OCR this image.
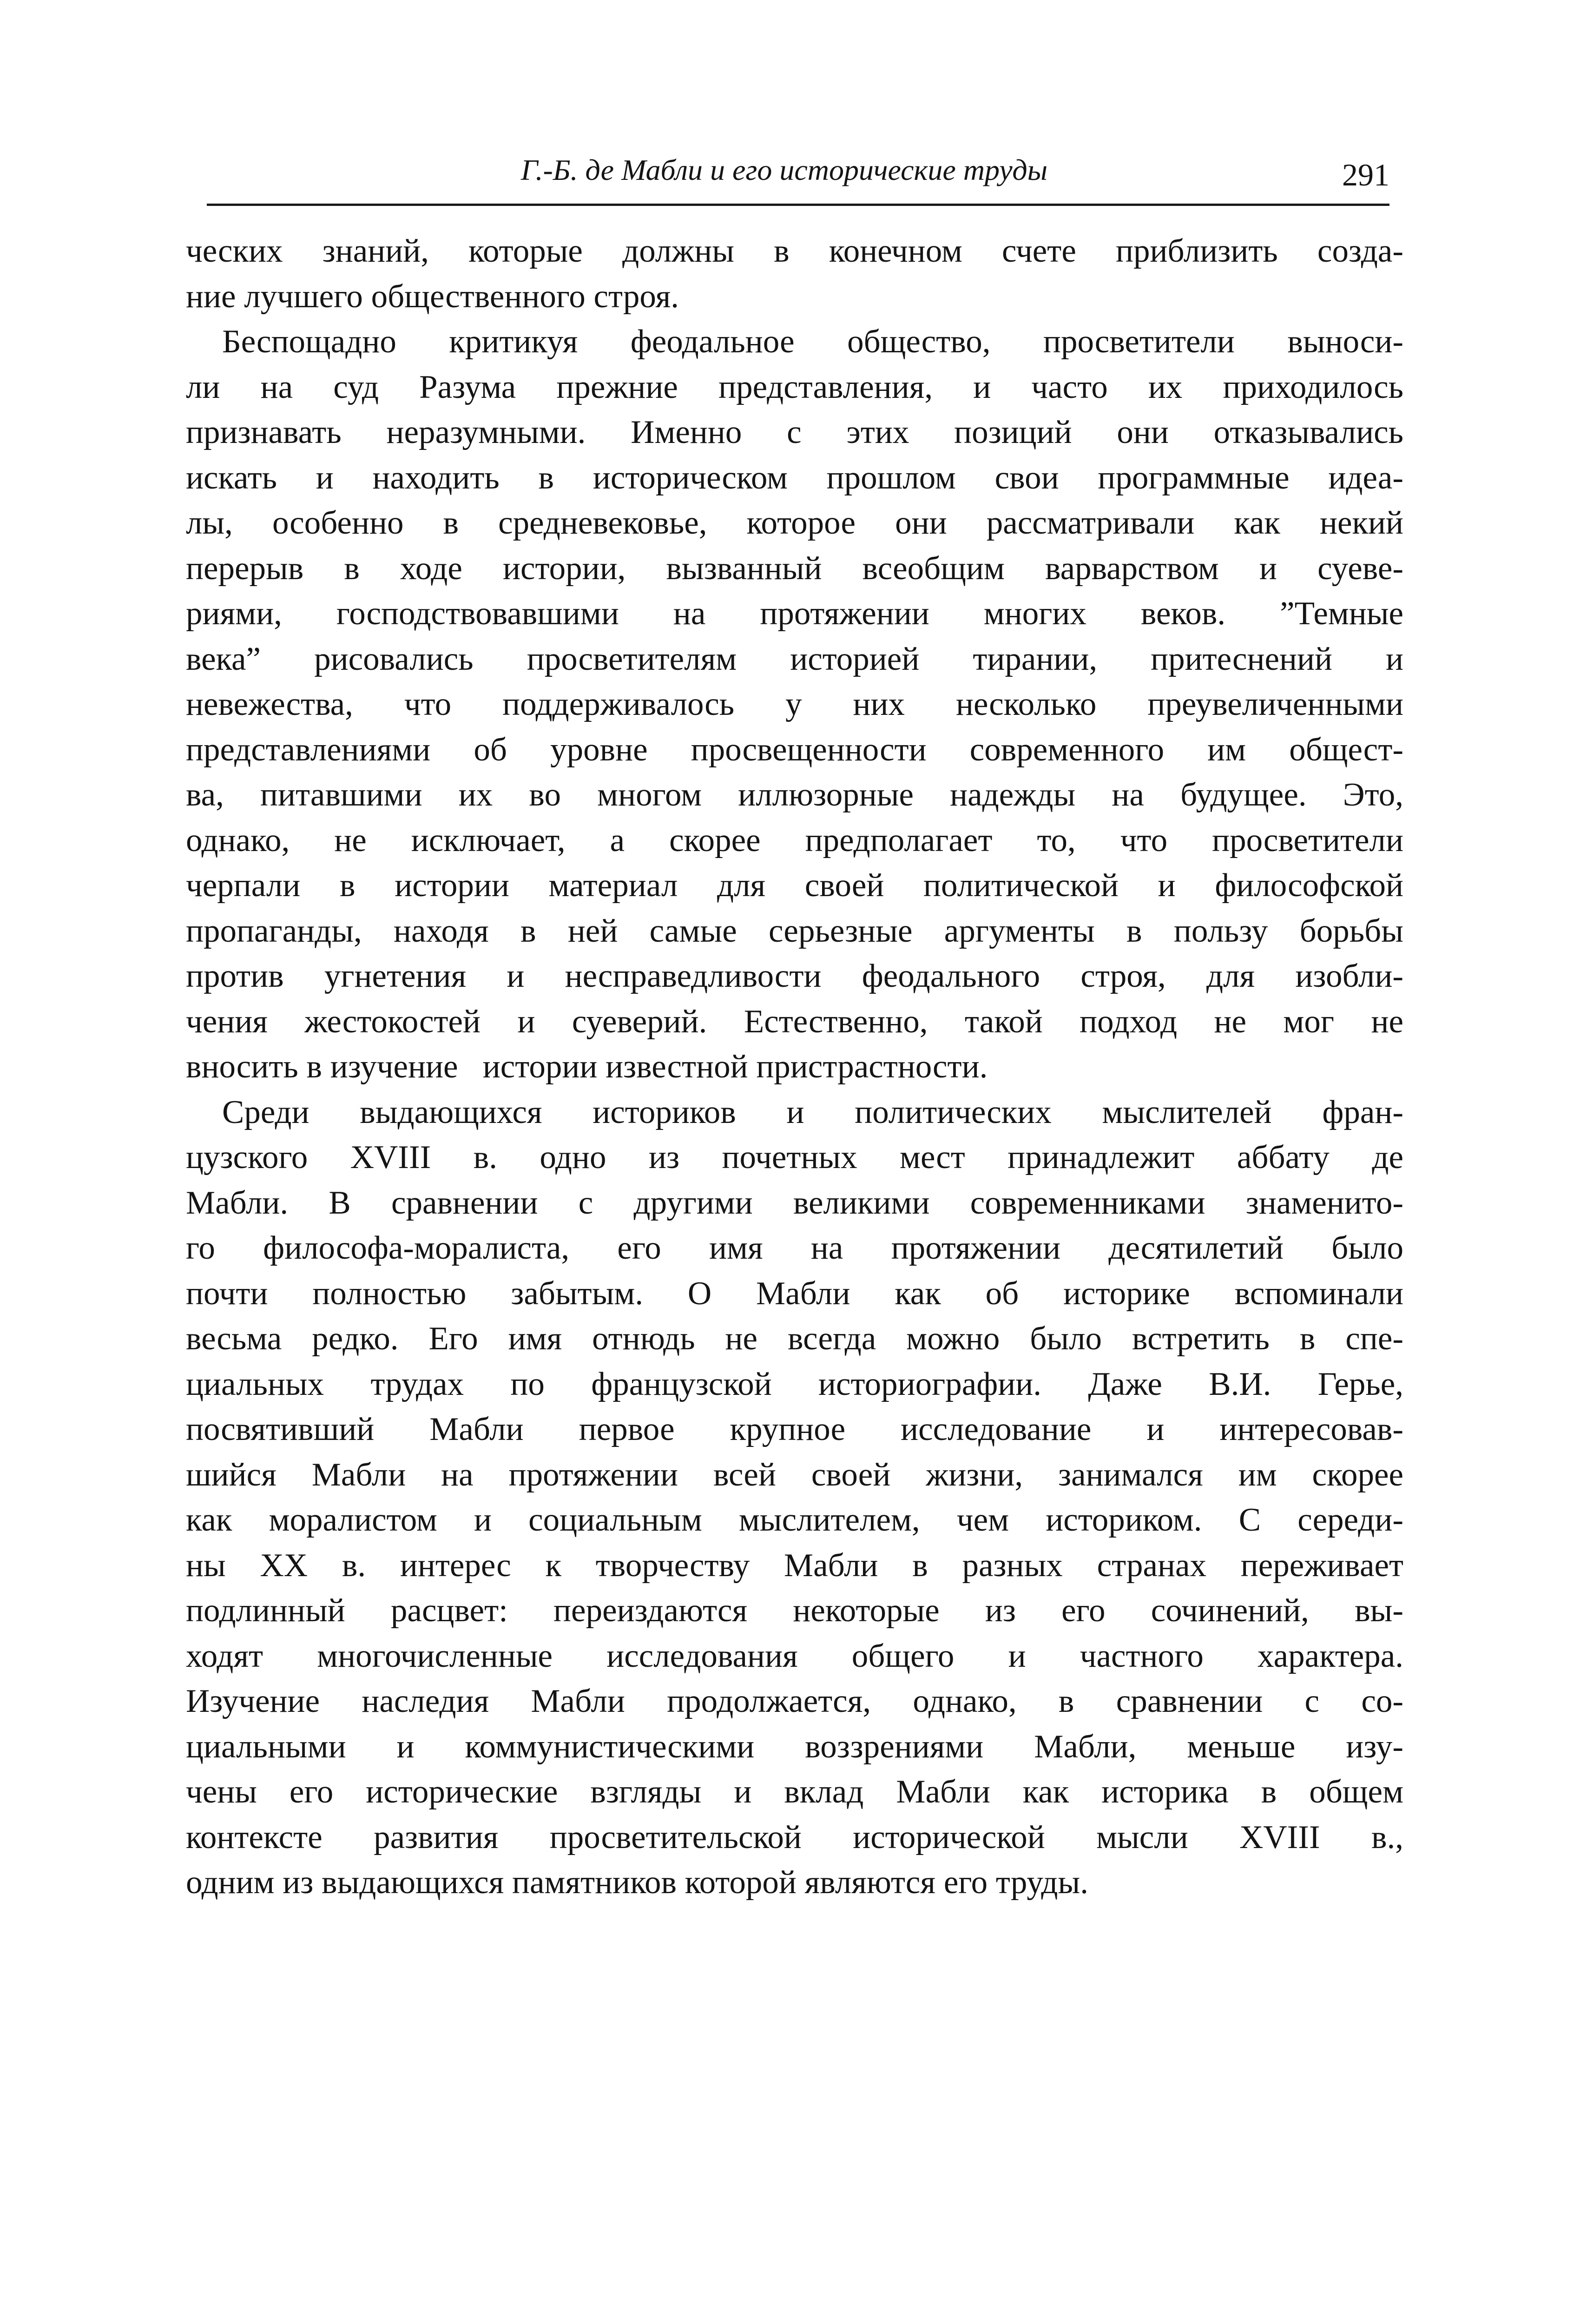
Г.-Б. де Мабли и его исторические труды	291
ческих знаний, которые должны в конечном счете приблизить созда-
ние лучшего общественного строя.
Беспощадно критикуя феодальное общество, просветители выноси-
ли на суд Разума прежние представления, и часто их приходилось
признавать неразумными. Именно с этих позиций они отказывались
искать и находить в историческом прошлом свои программные идеа-
лы, особенно в средневековье, которое они рассматривали как некий
перерыв в ходе истории, вызванный всеобщим варварством и суеве-
риями, господствовавшими на протяжении многих веков. ”Темные
века” рисовались просветителям историей тирании, притеснений и
невежества, что поддерживалось у них несколько преувеличенными
представлениями об уровне просвещенности современного им общест-
ва, питавшими их во многом иллюзорные надежды на будущее. Это,
однако, не исключает, а скорее предполагает то, что просветители
черпали в истории материал для своей политической и философской
пропаганды, находя в ней самые серьезные аргументы в пользу борьбы
против угнетения и несправедливости феодального строя, для изобли-
чения жестокостей и суеверий. Естественно, такой подход не мог не
вносить в изучение   истории известной пристрастности.
Среди выдающихся историков и политических мыслителей фран-
цузского XVIII в. одно из почетных мест принадлежит аббату де
Мабли. В сравнении с другими великими современниками знаменито-
го философа-моралиста, его имя на протяжении десятилетий было
почти полностью забытым. О Мабли как об историке вспоминали
весьма редко. Его имя отнюдь не всегда можно было встретить в спе-
циальных трудах по французской историографии. Даже В.И. Герье,
посвятивший Мабли первое крупное исследование и интересовав-
шийся Мабли на протяжении всей своей жизни, занимался им скорее
как моралистом и социальным мыслителем, чем историком. С середи-
ны XX в. интерес к творчеству Мабли в разных странах переживает
подлинный расцвет: переиздаются некоторые из его сочинений, вы-
ходят многочисленные исследования общего и частного характера.
Изучение наследия Мабли продолжается, однако, в сравнении с со-
циальными и коммунистическими воззрениями Мабли, меньше изу-
чены его исторические взгляды и вклад Мабли как историка в общем
контексте развития просветительской исторической мысли XVIII в.,
одним из выдающихся памятников которой являются его труды.
